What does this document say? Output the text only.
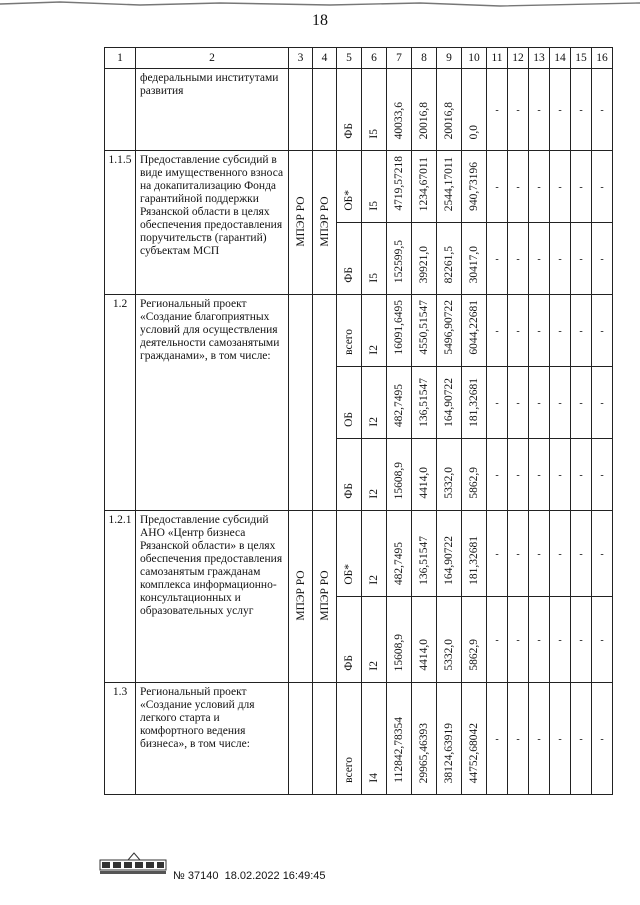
18
1	2	3	4	5	6	7	8	9	10	11	12	13	14	15	16
	федеральными институтами развития			ФБ	I5	40033,6	20016,8	20016,8	0,0	-	-	-	-	-	-

1.1.5	Предоставление субсидий в виде имущественного взноса на докапитализацию Фонда гарантийной поддержки Рязанской области в целях обеспечения предоставления поручительств (гарантий) субъектам МСП	МПЭР РО	МПЭР РО	ОБ*	I5	4719,57218	1234,67011	2544,17011	940,73196	-	-	-	-	-	-

				ФБ	I5	152599,5	39921,0	82261,5	30417,0	-	-	-	-	-	-

1.2	Региональный проект «Создание благоприятных условий для осуществления деятельности самозанятыми гражданами», в том числе:			всего	I2	16091,6495	4550,51547	5496,90722	6044,22681	-	-	-	-	-	-

				ОБ	I2	482,7495	136,51547	164,90722	181,32681	-	-	-	-	-	-

				ФБ	I2	15608,9	4414,0	5332,0	5862,9	-	-	-	-	-	-

1.2.1	Предоставление субсидий АНО «Центр бизнеса Рязанской области» в целях обеспечения предоставления самозанятым гражданам комплекса информационно-консультационных и образовательных услуг	МПЭР РО	МПЭР РО	ОБ*	I2	482,7495	136,51547	164,90722	181,32681	-	-	-	-	-	-

				ФБ	I2	15608,9	4414,0	5332,0	5862,9	-	-	-	-	-	-

1.3	Региональный проект «Создание условий для легкого старта и комфортного ведения бизнеса», в том числе:			всего	I4	112842,78354	29965,46393	38124,63919	44752,68042	-	-	-	-	-	-
№ 37140 18.02.2022 16:49:45
